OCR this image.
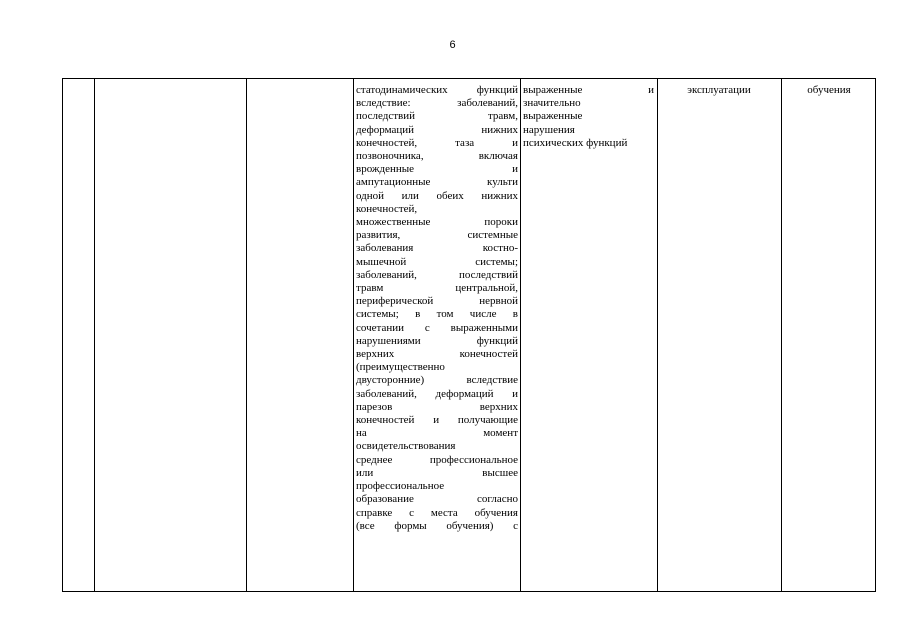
6
статодинамических функций
вследствие: заболеваний,
последствий травм,
деформаций нижних
конечностей, таза и
позвоночника, включая
врожденные и
ампутационные культи
одной или обеих нижних
конечностей,
множественные пороки
развития, системные
заболевания костно-
мышечной системы;
заболеваний, последствий
травм центральной,
периферической нервной
системы; в том числе в
сочетании с выраженными
нарушениями функций
верхних конечностей
(преимущественно
двусторонние) вследствие
заболеваний, деформаций и
парезов верхних
конечностей и получающие
на момент
освидетельствования
среднее профессиональное
или высшее
профессиональное
образование согласно
справке с места обучения
(все формы обучения) с
выраженные и
значительно
выраженные
нарушения
психических функций
эксплуатации	обучения
